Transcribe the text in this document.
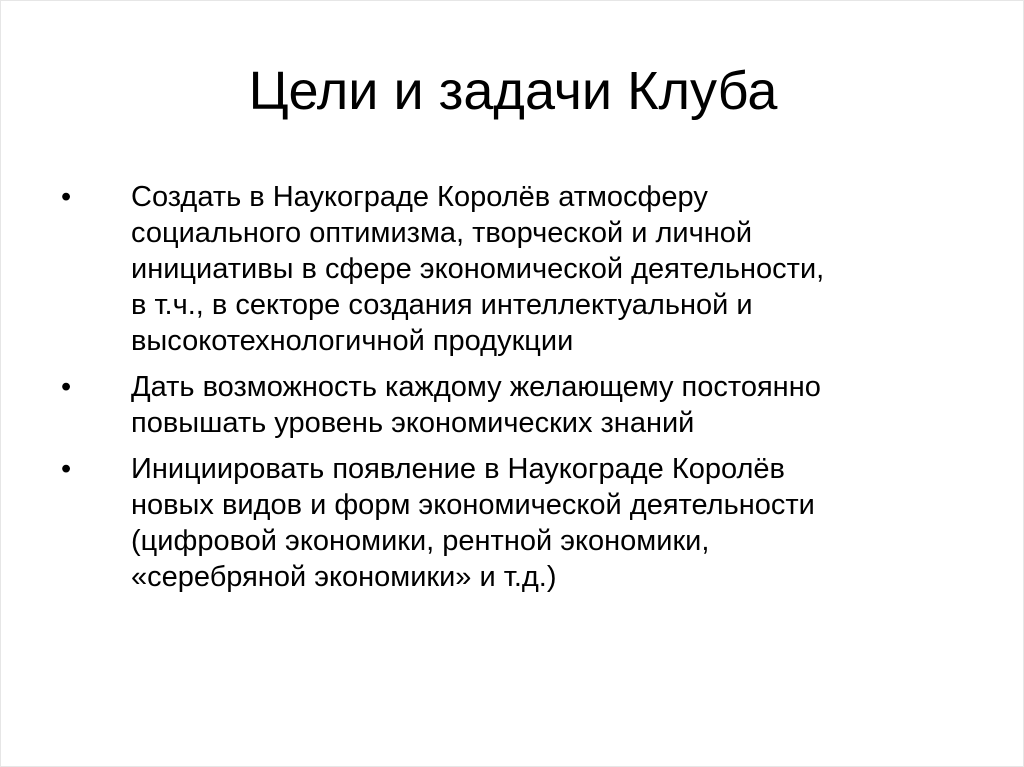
Цели и задачи Клуба
•	Создать в Наукограде Королёв атмосферу
социального оптимизма, творческой и личной
инициативы в сфере экономической деятельности,
в т.ч., в секторе создания интеллектуальной и
высокотехнологичной продукции
•	Дать возможность каждому желающему постоянно
повышать уровень экономических знаний
•	Инициировать появление в Наукограде Королёв
новых видов и форм экономической деятельности
(цифровой экономики, рентной экономики,
«серебряной экономики» и т.д.)
